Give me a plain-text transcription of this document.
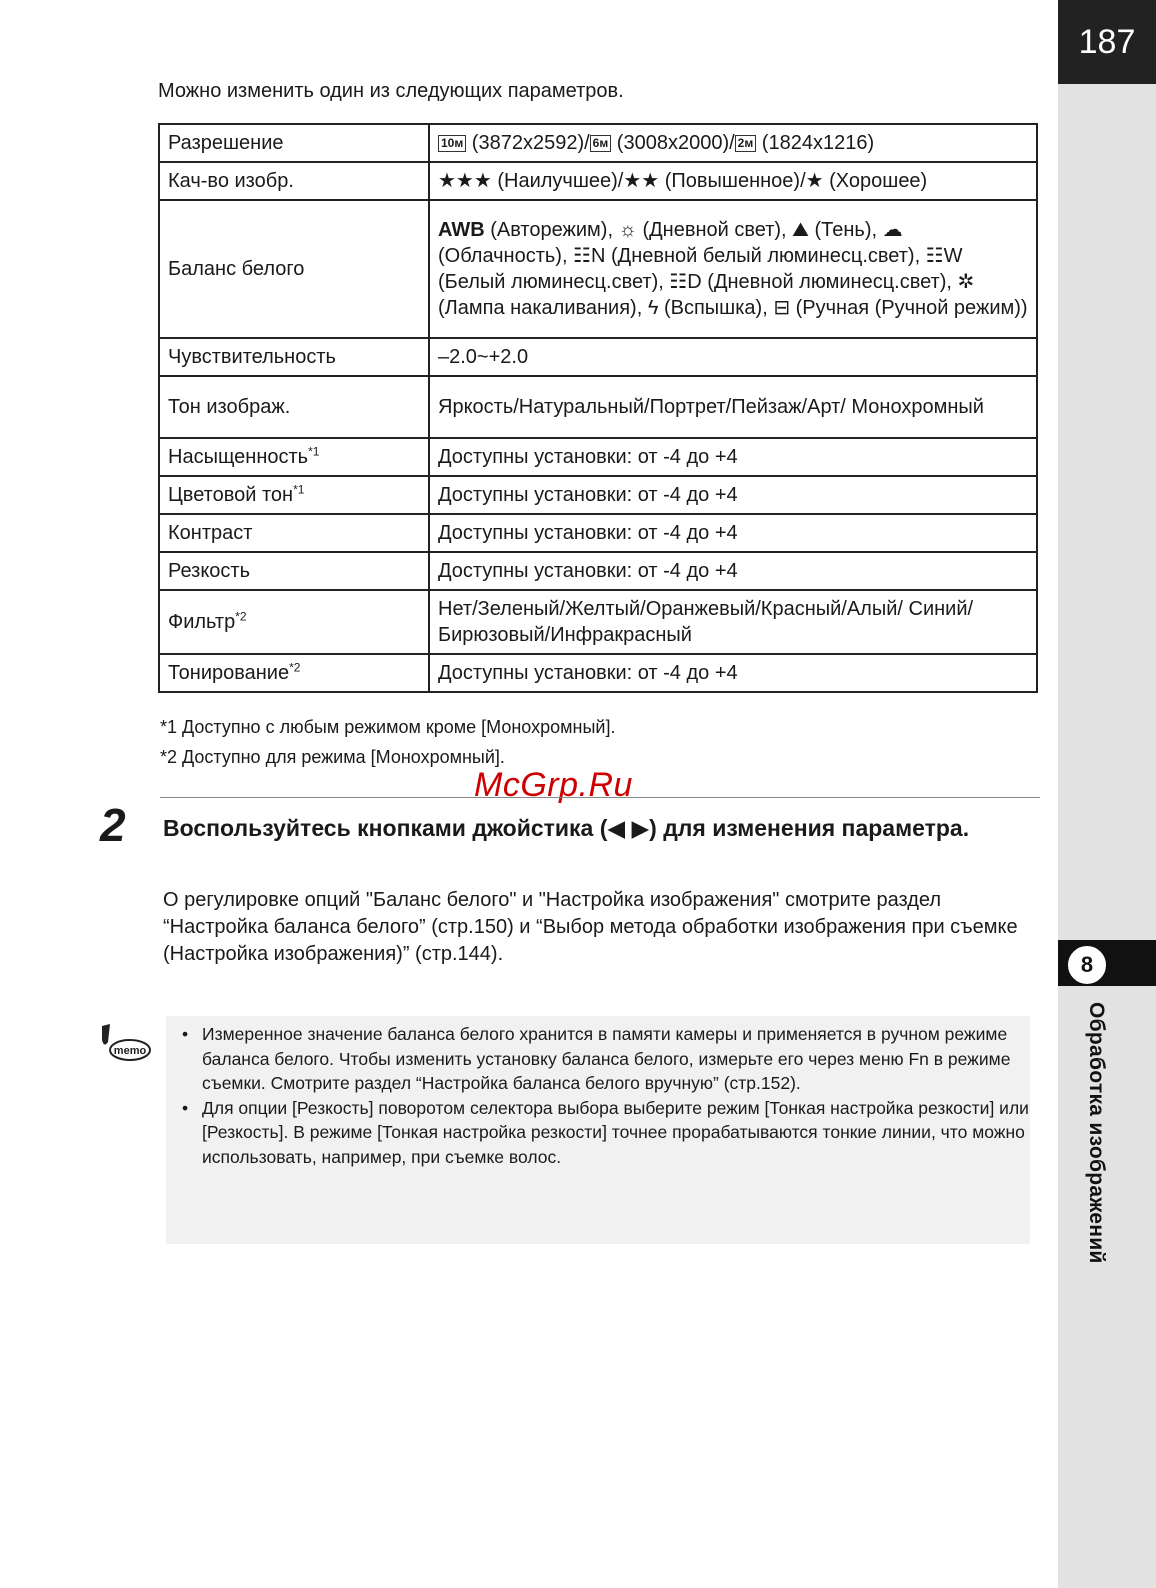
187
8
Обработка изображений
Можно изменить один из следующих параметров.
Разрешение	10м (3872x2592)/ 6м (3008x2000)/ 2м (1824x1216)
Кач-во изобр.	★★★ (Наилучшее)/★★ (Повышенное)/★ (Хорошее)
Баланс белого	AWB (Авторежим), ☼ (Дневной свет), ⛰ (Тень), ☁ (Облачность), ☷N (Дневной белый люминесц.свет), ☷W (Белый люминесц.свет), ☷D (Дневной люминесц.свет), ✲ (Лампа накаливания), ϟ (Вспышка), ⊟ (Ручная (Ручной режим))
Чувствительность	–2.0~+2.0
Тон изображ.	Яркость/Натуральный/Портрет/Пейзаж/Арт/ Монохромный
Насыщенность$^{*1}$	Доступны установки: от -4 до +4
Цветовой тон$^{*1}$	Доступны установки: от -4 до +4
Контраст	Доступны установки: от -4 до +4
Резкость	Доступны установки: от -4 до +4
Фильтр$^{*2}$	Нет/Зеленый/Желтый/Оранжевый/Красный/Алый/ Синий/Бирюзовый/Инфракрасный
Тонирование$^{*2}$	Доступны установки: от -4 до +4
*1 Доступно с любым режимом кроме [Монохромный].
*2 Доступно для режима [Монохромный].
McGrp.Ru
2 Воспользуйтесь кнопками джойстика (◀ ▶) для изменения параметра.
О регулировке опций "Баланс белого" и "Настройка изображения" смотрите раздел “Настройка баланса белого” (стр.150) и “Выбор метода обработки изображения при съемке (Настройка изображения)” (стр.144).
memo
• Измеренное значение баланса белого хранится в памяти камеры и применяется в ручном режиме баланса белого. Чтобы изменить установку баланса белого, измерьте его через меню Fn в режиме съемки. Смотрите раздел “Настройка баланса белого вручную” (стр.152).
• Для опции [Резкость] поворотом селектора выбора выберите режим [Тонкая настройка резкости] или [Резкость]. В режиме [Тонкая настройка резкости] точнее прорабатываются тонкие линии, что можно использовать, например, при съемке волос.
